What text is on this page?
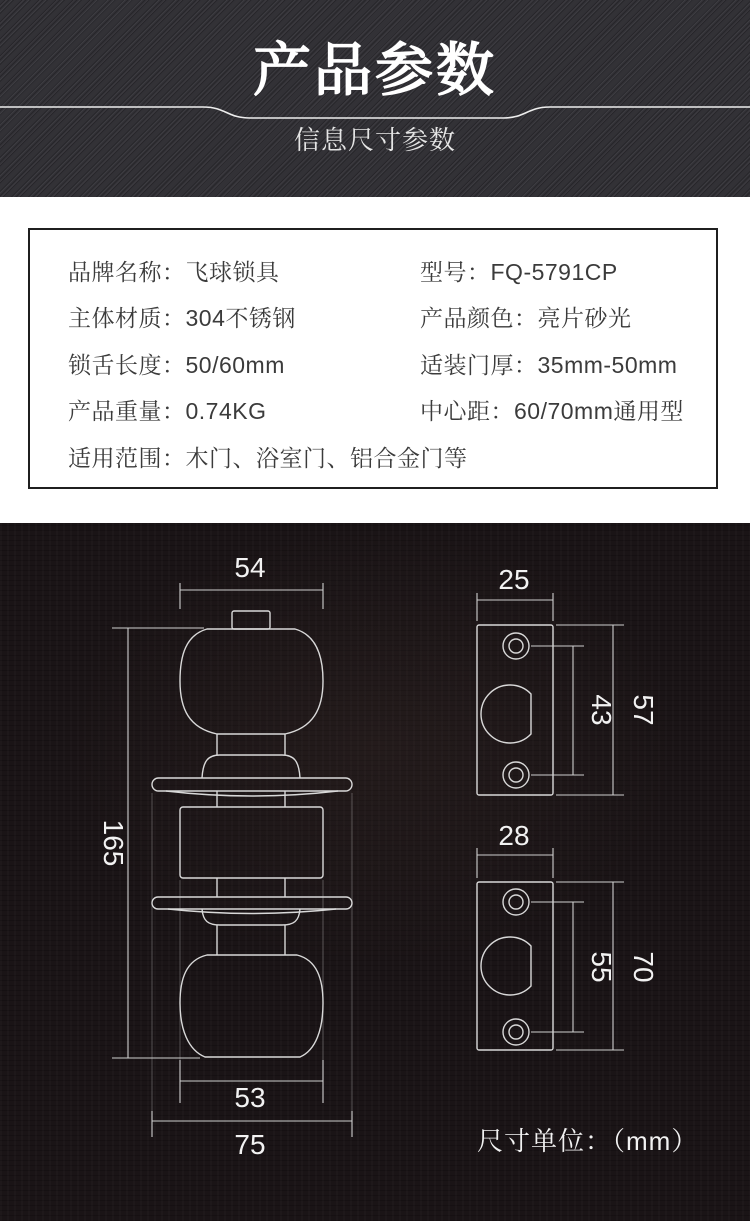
产品参数
信息尺寸参数
品牌名称：飞球锁具	型号：FQ-5791CP
主体材质：304不锈钢	产品颜色：亮片砂光
锁舌长度：50/60mm	适装门厚：35mm-50mm
产品重量：0.74KG	中心距：60/70mm通用型
适用范围：木门、浴室门、铝合金门等
54
165
53
75
25
43 57
28
55 70
尺寸单位：（mm）
